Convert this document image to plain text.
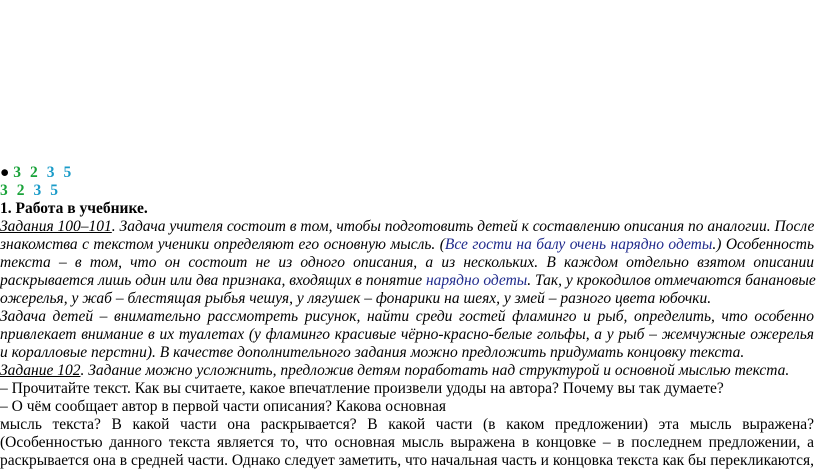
● 3 2 3 5
3 2 3 5
1. Работа в учебнике.
Задания 100–101. Задача учителя состоит в том, чтобы подготовить детей к составлению описания по аналогии. После
знакомства с текстом ученики определяют его основную мысль. (Все гости на балу очень нарядно одеты.) Особенность
текста – в том, что он состоит не из одного описания, а из нескольких. В каждом отдельно взятом описании
раскрывается лишь один или два признака, входящих в понятие нарядно одеты. Так, у крокодилов отмечаются банановые
ожерелья, у жаб – блестящая рыбья чешуя, у лягушек – фонарики на шеях, у змей – разного цвета юбочки.
Задача детей – внимательно рассмотреть рисунок, найти среди гостей фламинго и рыб, определить, что особенно
привлекает внимание в их туалетах (у фламинго красивые чёрно-красно-белые гольфы, а у рыб – жемчужные ожерелья
и коралловые перстни). В качестве дополнительного задания можно предложить придумать концовку текста.
Задание 102. Задание можно усложнить, предложив детям поработать над структурой и основной мыслью текста.
– Прочитайте текст. Как вы считаете, какое впечатление произвели удоды на автора? Почему вы так думаете?
– О чём сообщает автор в первой части описания? Какова основная
мысль текста? В какой части она раскрывается? В какой части (в каком предложении) эта мысль выражена?
(Особенностью данного текста является то, что основная мысль выражена в концовке – в последнем предложении, а
раскрывается она в средней части. Однако следует заметить, что начальная часть и концовка текста как бы перекликаются,
